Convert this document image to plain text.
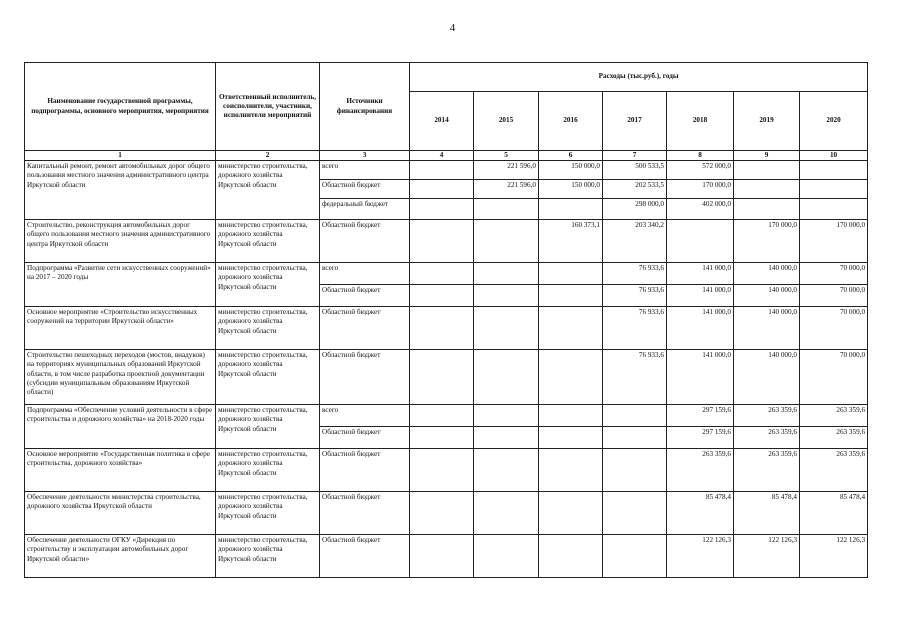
4
Наименование государственной программы, подпрограммы, основного мероприятия, мероприятия	Ответственный исполнитель, соисполнители, участники, исполнители мероприятий	Источники финансирования	Расходы (тыс.руб.), годы						
			2014	2015	2016	2017	2018	2019	2020
1	2	3	4	5	6	7	8	9	10
Капитальный ремонт, ремонт автомобильных дорог общего пользования местного значения административного центра Иркутской области	министерство строительства, дорожного хозяйства Иркутской области	всего		221 596,0	150 000,0	500 533,5	572 000,0		
		Областной бюджет		221 596,0	150 000,0	202 533,5	170 000,0		
		федеральный бюджет				298 000,0	402 000,0		
Строительство, реконструкция автомобильных дорог общего пользования местного значения административного центра Иркутской области	министерство строительства, дорожного хозяйства Иркутской области	Областной бюджет			160 373,1	203 340,2		170 000,0	170 000,0
Подпрограмма «Развитие сети искусственных сооружений» на 2017 – 2020 годы	министерство строительства, дорожного хозяйства Иркутской области	всего				76 933,6	141 000,0	140 000,0	70 000,0
		Областной бюджет				76 933,6	141 000,0	140 000,0	70 000,0
Основное мероприятие «Строительство искусственных сооружений на территории Иркутской области»	министерство строительства, дорожного хозяйства Иркутской области	Областной бюджет				76 933,6	141 000,0	140 000,0	70 000,0
Строительство пешеходных переходов (мостов, виадуков) на территориях муниципальных образований Иркутской области, в том числе разработка проектной документации (субсидии муниципальным образованиям Иркутской области)	министерство строительства, дорожного хозяйства Иркутской области	Областной бюджет				76 933,6	141 000,0	140 000,0	70 000,0
Подпрограмма «Обеспечение условий деятельности в сфере строительства и дорожного хозяйства» на 2018-2020 годы	министерство строительства, дорожного хозяйства Иркутской области	всего					297 159,6	263 359,6	263 359,6
		Областной бюджет					297 159,6	263 359,6	263 359,6
Основное мероприятие «Государственная политика в сфере строительства, дорожного хозяйства»	министерство строительства, дорожного хозяйства Иркутской области	Областной бюджет					263 359,6	263 359,6	263 359,6
Обеспечение деятельности министерства строительства, дорожного хозяйства Иркутской области	министерство строительства, дорожного хозяйства Иркутской области	Областной бюджет					85 478,4	85 478,4	85 478,4
Обеспечение деятельности ОГКУ «Дирекция по строительству и эксплуатации автомобильных дорог Иркутской области»	министерство строительства, дорожного хозяйства Иркутской области	Областной бюджет					122 126,3	122 126,3	122 126,3
